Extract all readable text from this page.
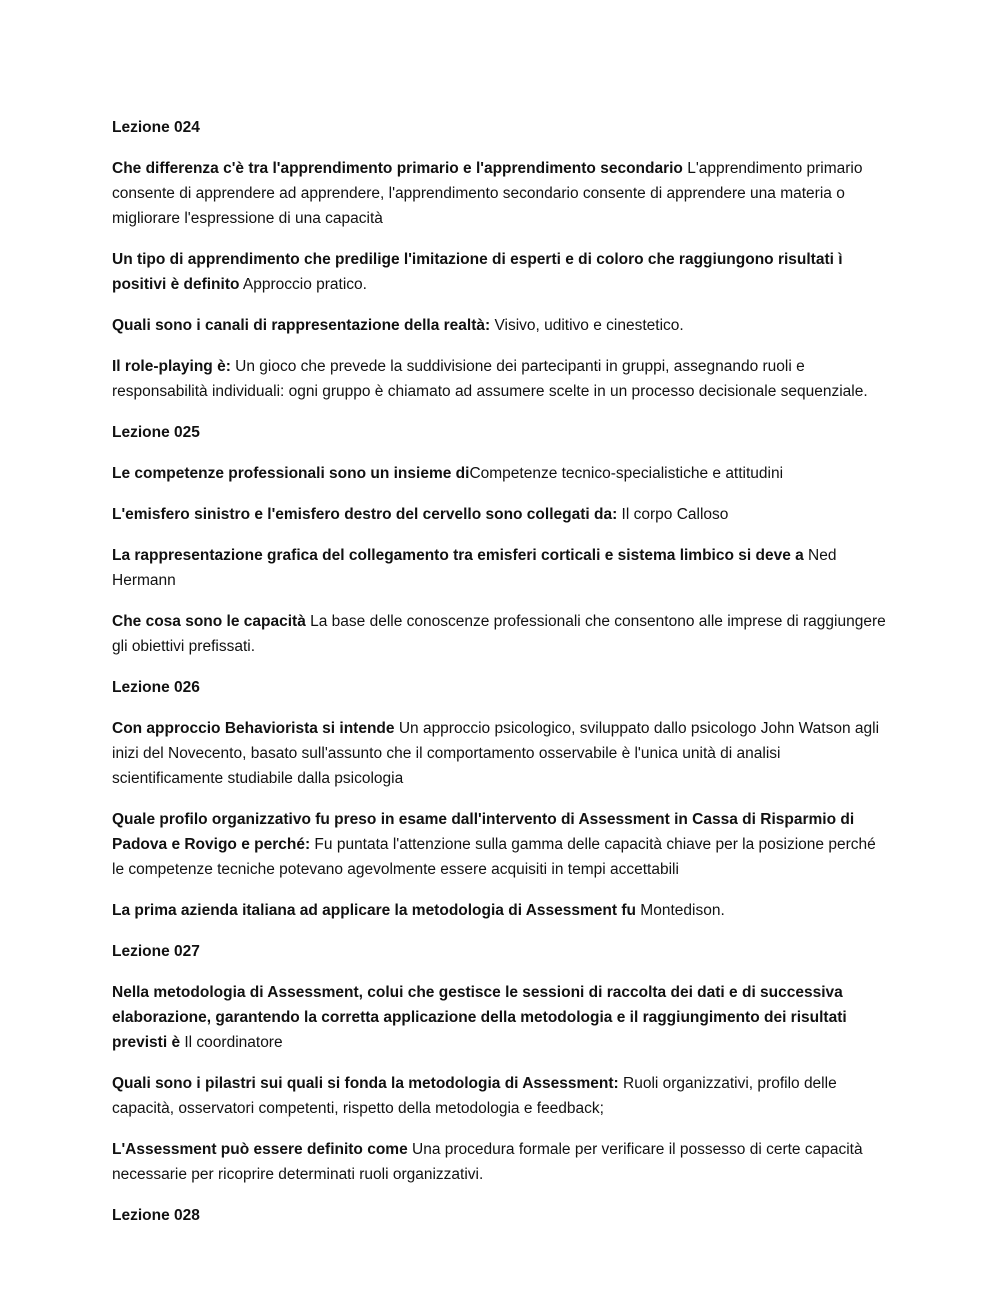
Lezione 024

Che differenza c'è tra l'apprendimento primario e l'apprendimento secondario L'apprendimento primario consente di apprendere ad apprendere, l'apprendimento secondario consente di apprendere una materia o migliorare l'espressione di una capacità

Un tipo di apprendimento che predilige l'imitazione di esperti e di coloro che raggiungono risultati ì positivi è definito Approccio pratico.

Quali sono i canali di rappresentazione della realtà: Visivo, uditivo e cinestetico.

Il role-playing è: Un gioco che prevede la suddivisione dei partecipanti in gruppi, assegnando ruoli e responsabilità individuali: ogni gruppo è chiamato ad assumere scelte in un processo decisionale sequenziale.

Lezione 025

Le competenze professionali sono un insieme diCompetenze tecnico-specialistiche e attitudini

L'emisfero sinistro e l'emisfero destro del cervello sono collegati da: Il corpo Calloso

La rappresentazione grafica del collegamento tra emisferi corticali e sistema limbico si deve a Ned Hermann

Che cosa sono le capacità La base delle conoscenze professionali che consentono alle imprese di raggiungere gli obiettivi prefissati.

Lezione 026

Con approccio Behaviorista si intende Un approccio psicologico, sviluppato dallo psicologo John Watson agli inizi del Novecento, basato sull'assunto che il comportamento osservabile è l'unica unità di analisi scientificamente studiabile dalla psicologia

Quale profilo organizzativo fu preso in esame dall'intervento di Assessment in Cassa di Risparmio di Padova e Rovigo e perché: Fu puntata l'attenzione sulla gamma delle capacità chiave per la posizione perché le competenze tecniche potevano agevolmente essere acquisiti in tempi accettabili

La prima azienda italiana ad applicare la metodologia di Assessment fu Montedison.

Lezione 027

Nella metodologia di Assessment, colui che gestisce le sessioni di raccolta dei dati e di successiva elaborazione, garantendo la corretta applicazione della metodologia e il raggiungimento dei risultati previsti è Il coordinatore

Quali sono i pilastri sui quali si fonda la metodologia di Assessment: Ruoli organizzativi, profilo delle capacità, osservatori competenti, rispetto della metodologia e feedback;

L'Assessment può essere definito come Una procedura formale per verificare il possesso di certe capacità necessarie per ricoprire determinati ruoli organizzativi.

Lezione 028
